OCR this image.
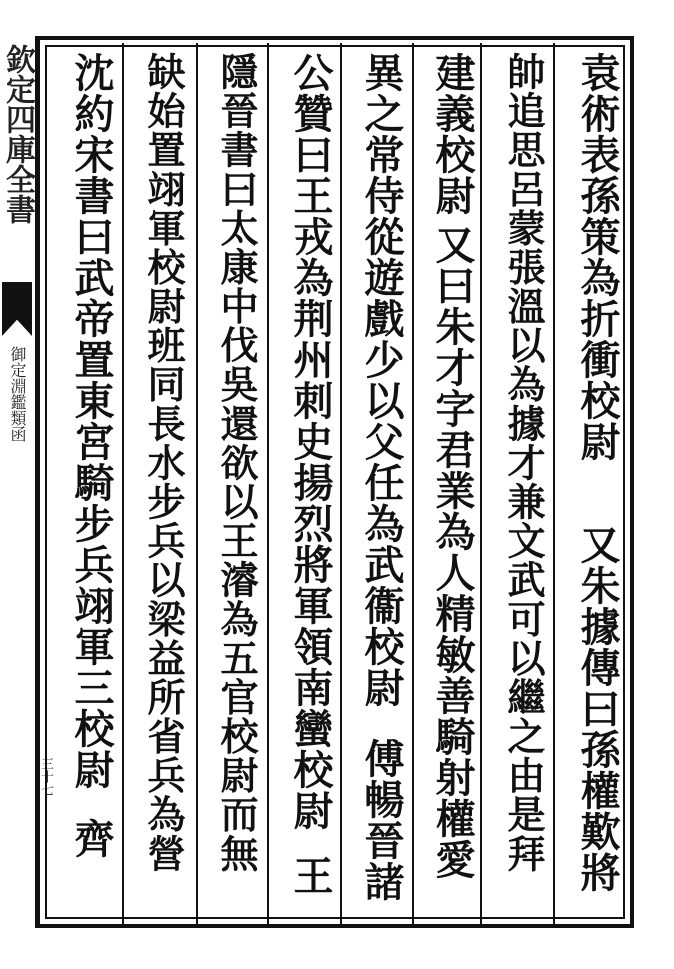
欽定四庫全書
御定淵鑑類函
三十七
袁術表孫策為折衝校尉
又朱據傳曰孫權歎將
帥追思呂蒙張溫以為據才兼文武可以繼之由是拜
建義校尉
又曰朱才字君業為人精敏善騎射權愛
異之常侍從遊戲少以父任為武衞校尉
傅暢晉諸
公贊曰王戎為荆州刺史揚烈將軍領南蠻校尉
王
隱晉書曰太康中伐吳還欲以王濬為五官校尉而無
缺始置翊軍校尉班同長水步兵以梁益所省兵為營
沈約宋書曰武帝置東宮騎步兵翊軍三校尉
齊
